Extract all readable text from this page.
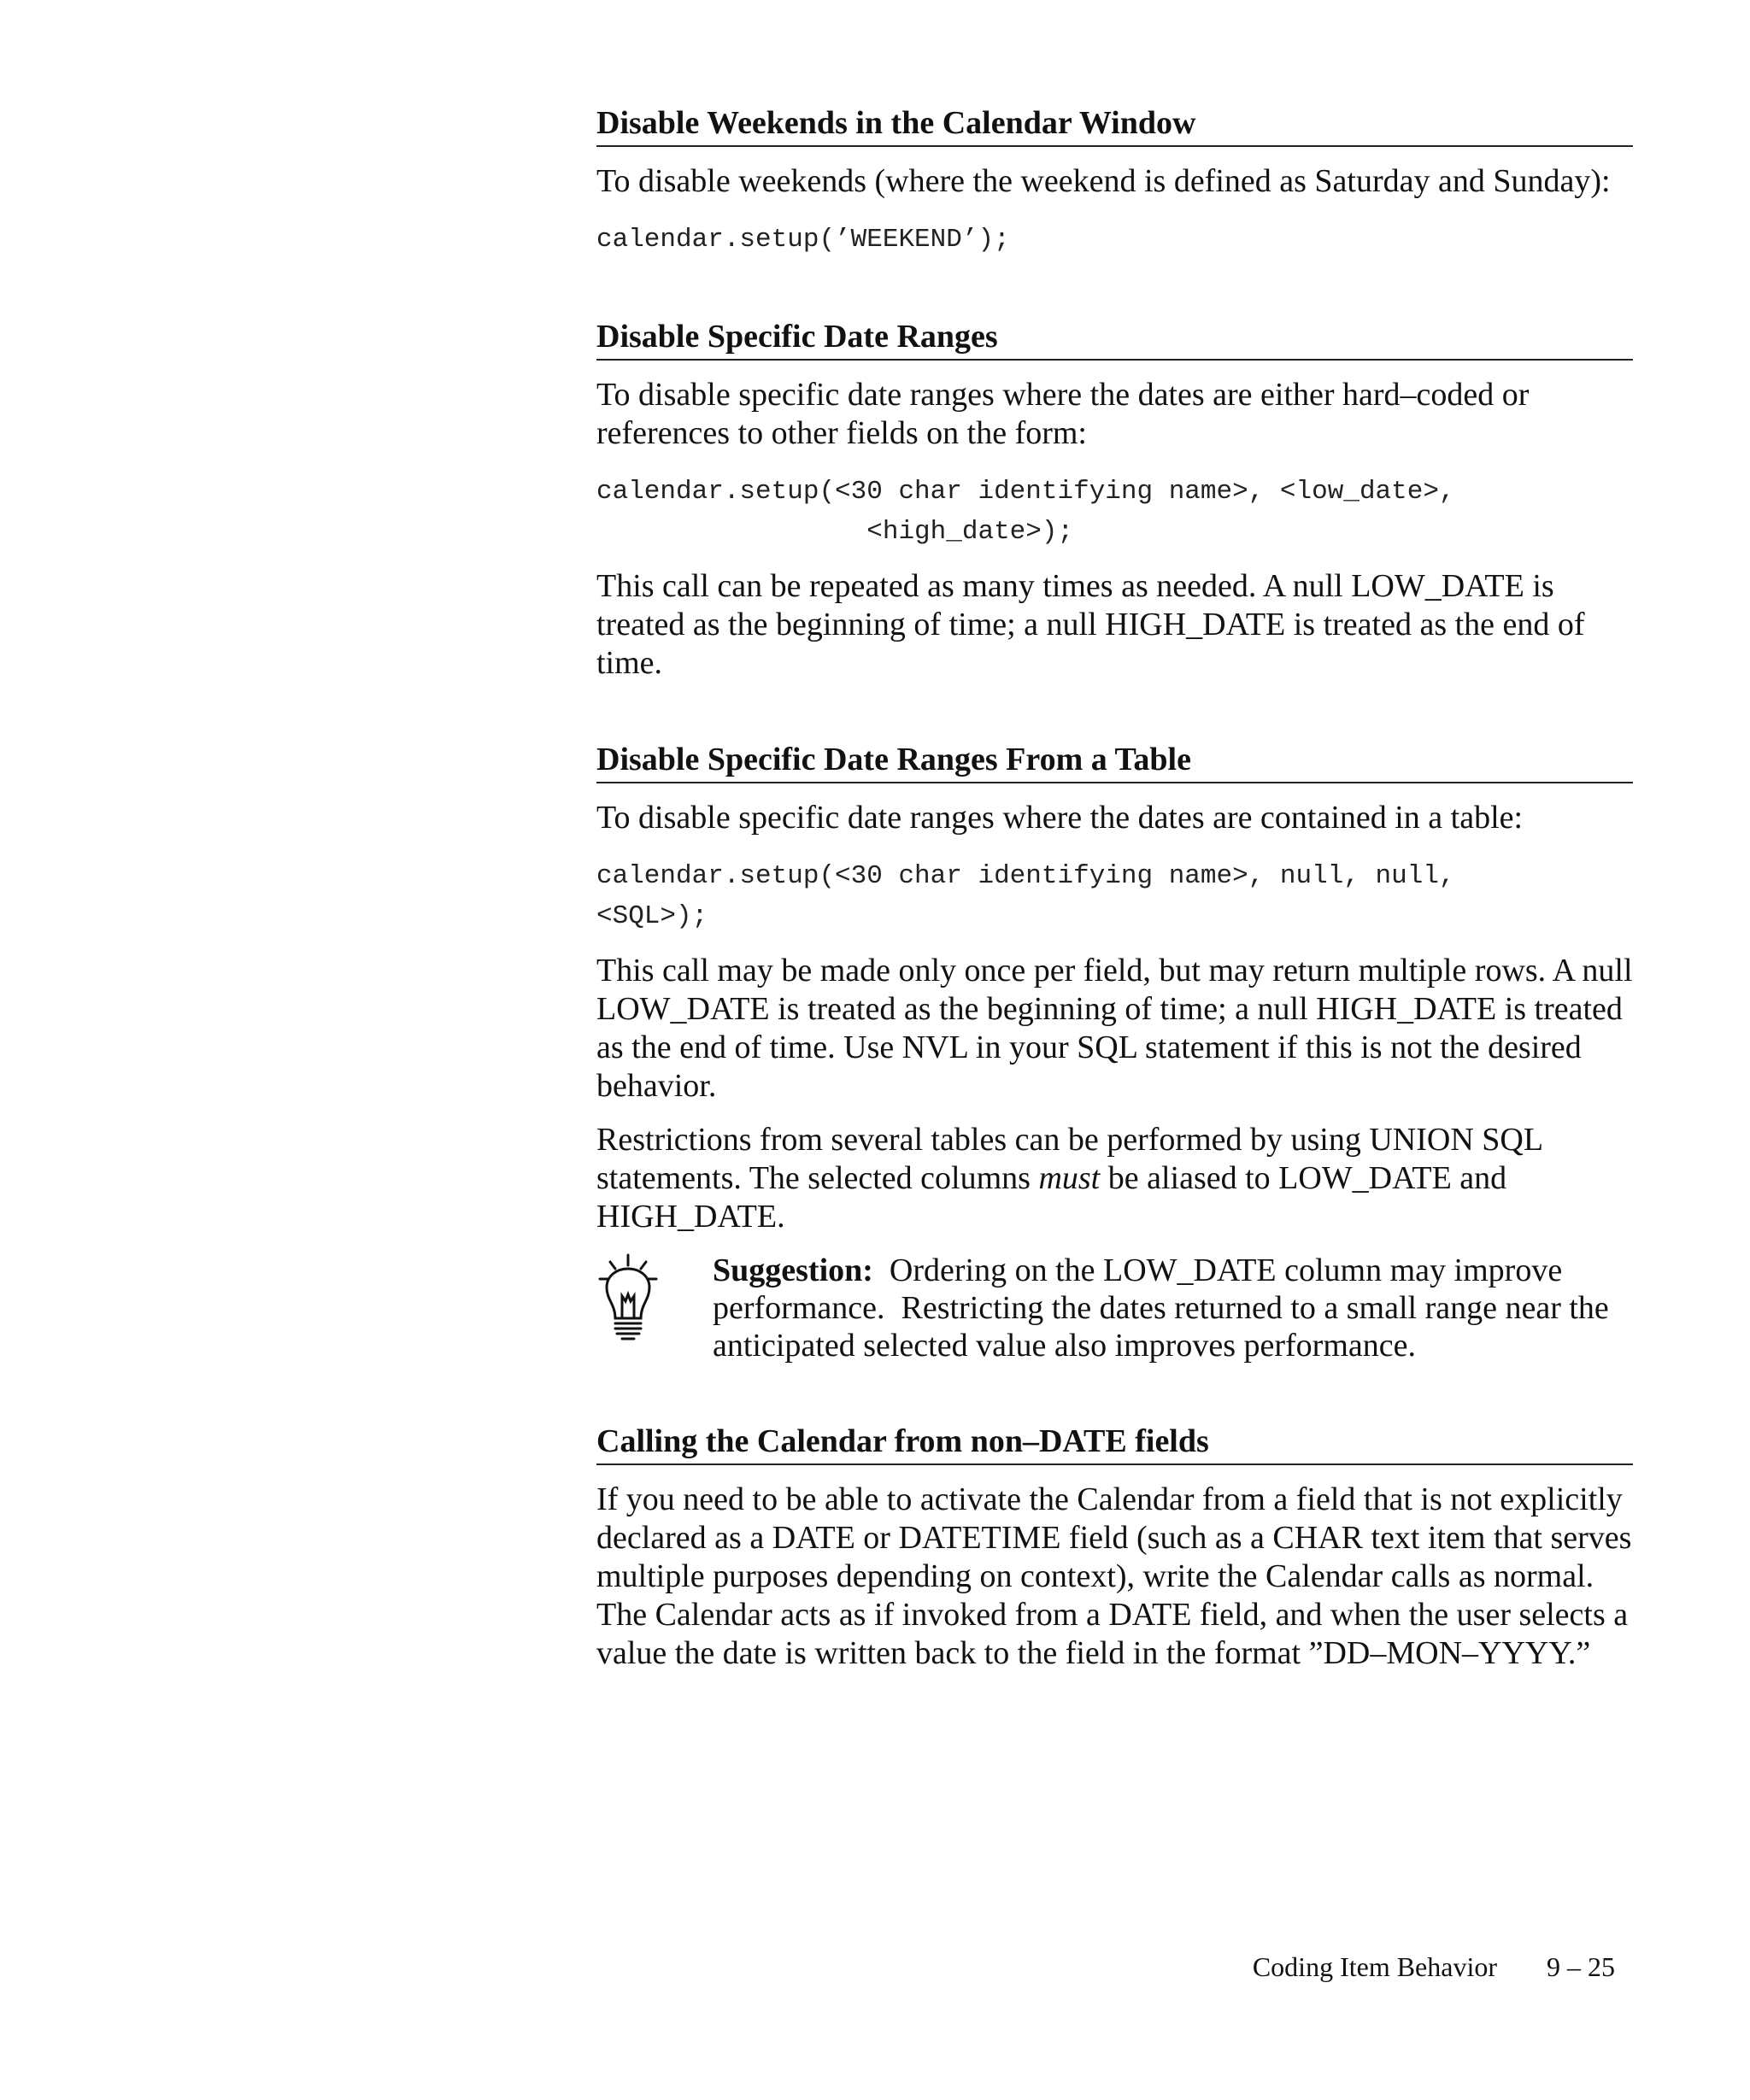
Disable Weekends in the Calendar Window

To disable weekends (where the weekend is defined as Saturday and Sunday):

calendar.setup(’WEEKEND’);
Disable Specific Date Ranges

To disable specific date ranges where the dates are either hard–coded or references to other fields on the form:

calendar.setup(<30 char identifying name>, <low_date>,
<high_date>);

This call can be repeated as many times as needed. A null LOW_DATE is treated as the beginning of time; a null HIGH_DATE is treated as the end of time.

Disable Specific Date Ranges From a Table

To disable specific date ranges where the dates are contained in a table:

calendar.setup(<30 char identifying name>, null, null,
<SQL>);

This call may be made only once per field, but may return multiple rows. A null LOW_DATE is treated as the beginning of time; a null HIGH_DATE is treated as the end of time. Use NVL in your SQL statement if this is not the desired behavior.

Restrictions from several tables can be performed by using UNION SQL statements. The selected columns must be aliased to LOW_DATE and HIGH_DATE.

Suggestion:  Ordering on the LOW_DATE column may improve performance.  Restricting the dates returned to a small range near the anticipated selected value also improves performance.
Calling the Calendar from non–DATE fields

If you need to be able to activate the Calendar from a field that is not explicitly declared as a DATE or DATETIME field (such as a CHAR text item that serves multiple purposes depending on context), write the Calendar calls as normal. The Calendar acts as if invoked from a DATE field, and when the user selects a value the date is written back to the field in the format ”DD–MON–YYYY.”

Coding Item Behavior 9 – 25
